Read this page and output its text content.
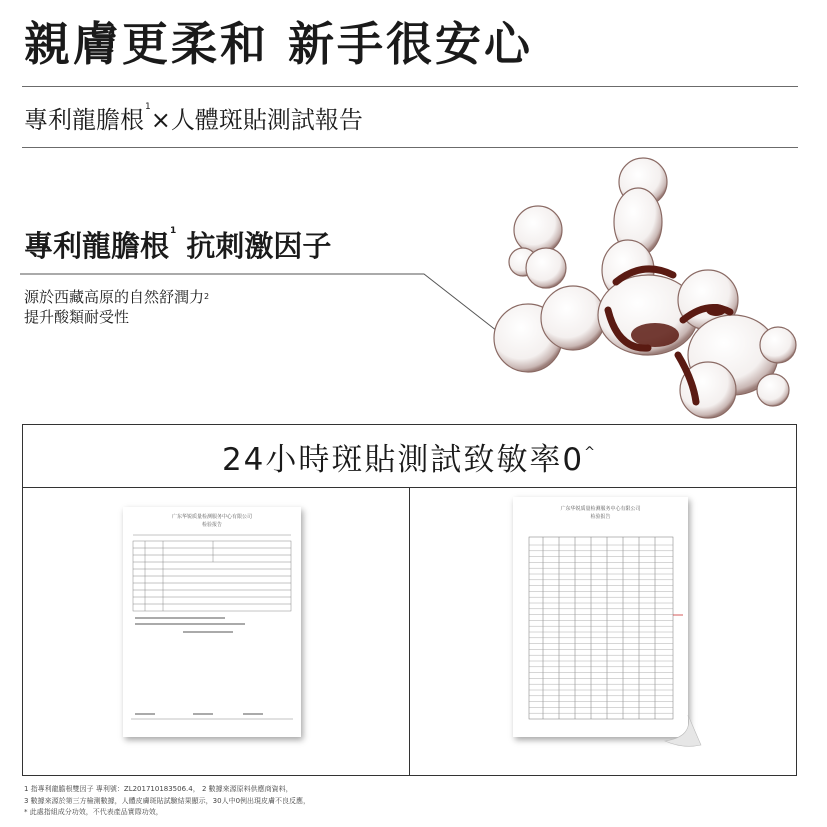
親膚更柔和 新手很安心
專利龍膽根$^1$×人體斑貼測試報告
專利龍膽根$^1$ 抗刺激因子
源於西藏高原的自然舒潤力$^2$
提升酸類耐受性
24小時斑貼測試致敏率0^
广东华锐质量检测服务中心有限公司
检验报告
广东华锐质量检测服务中心有限公司
检验报告
1 指專利龍膽根雙因子 專利號：ZL201710183506.4， 2 數據來源原料供應商資料，
3 數據來源於第三方檢測數據，人體皮膚斑貼試驗結果顯示，30人中0例出現皮膚不良反應，
* 此處指組成分功效，不代表產品實際功效，
